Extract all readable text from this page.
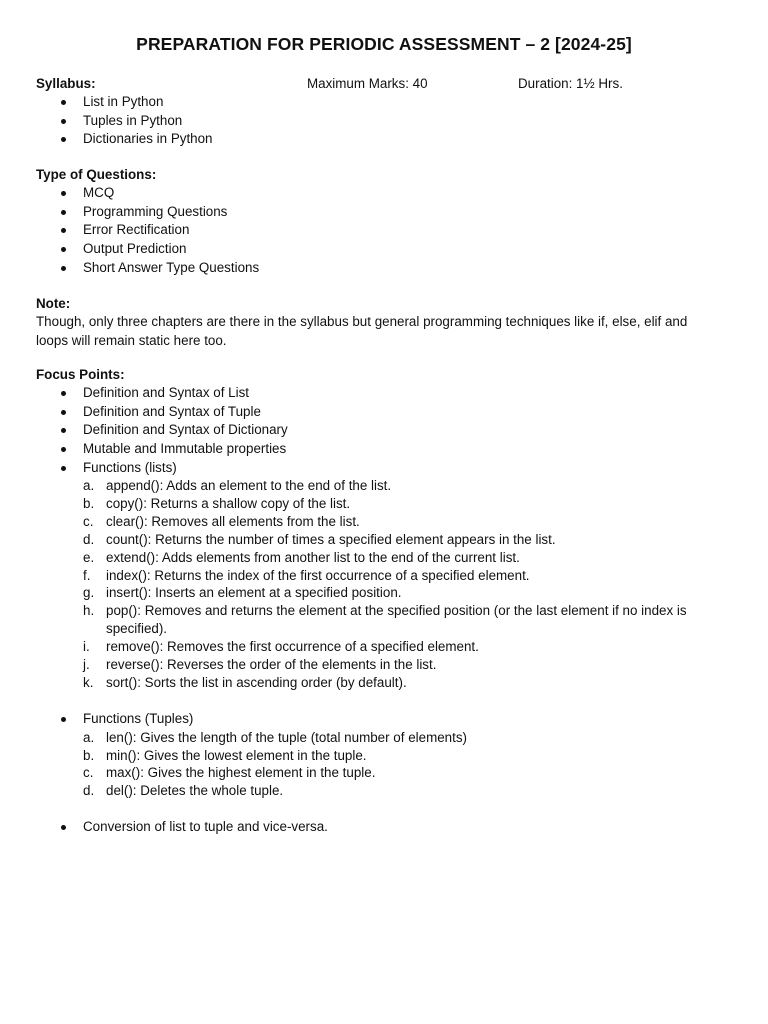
PREPARATION FOR PERIODIC ASSESSMENT – 2 [2024-25]
Syllabus:	Maximum Marks: 40	Duration: 1½ Hrs.
List in Python
Tuples in Python
Dictionaries in Python
Type of Questions:
MCQ
Programming Questions
Error Rectification
Output Prediction
Short Answer Type Questions
Note:

Though, only three chapters are there in the syllabus but general programming techniques like if, else, elif and
loops will remain static here too.

Focus Points:
Definition and Syntax of List
Definition and Syntax of Tuple
Definition and Syntax of Dictionary
Mutable and Immutable properties
Functions (lists)
a. append(): Adds an element to the end of the list.
b. copy(): Returns a shallow copy of the list.
c. clear(): Removes all elements from the list.
d. count(): Returns the number of times a specified element appears in the list.
e. extend(): Adds elements from another list to the end of the current list.
f. index(): Returns the index of the first occurrence of a specified element.
g. insert(): Inserts an element at a specified position.
h. pop(): Removes and returns the element at the specified position (or the last element if no index is
specified).
i. remove(): Removes the first occurrence of a specified element.
j. reverse(): Reverses the order of the elements in the list.
k. sort(): Sorts the list in ascending order (by default).
Functions (Tuples)
a. len(): Gives the length of the tuple (total number of elements)
b. min(): Gives the lowest element in the tuple.
c. max(): Gives the highest element in the tuple.
d. del(): Deletes the whole tuple.
Conversion of list to tuple and vice-versa.
